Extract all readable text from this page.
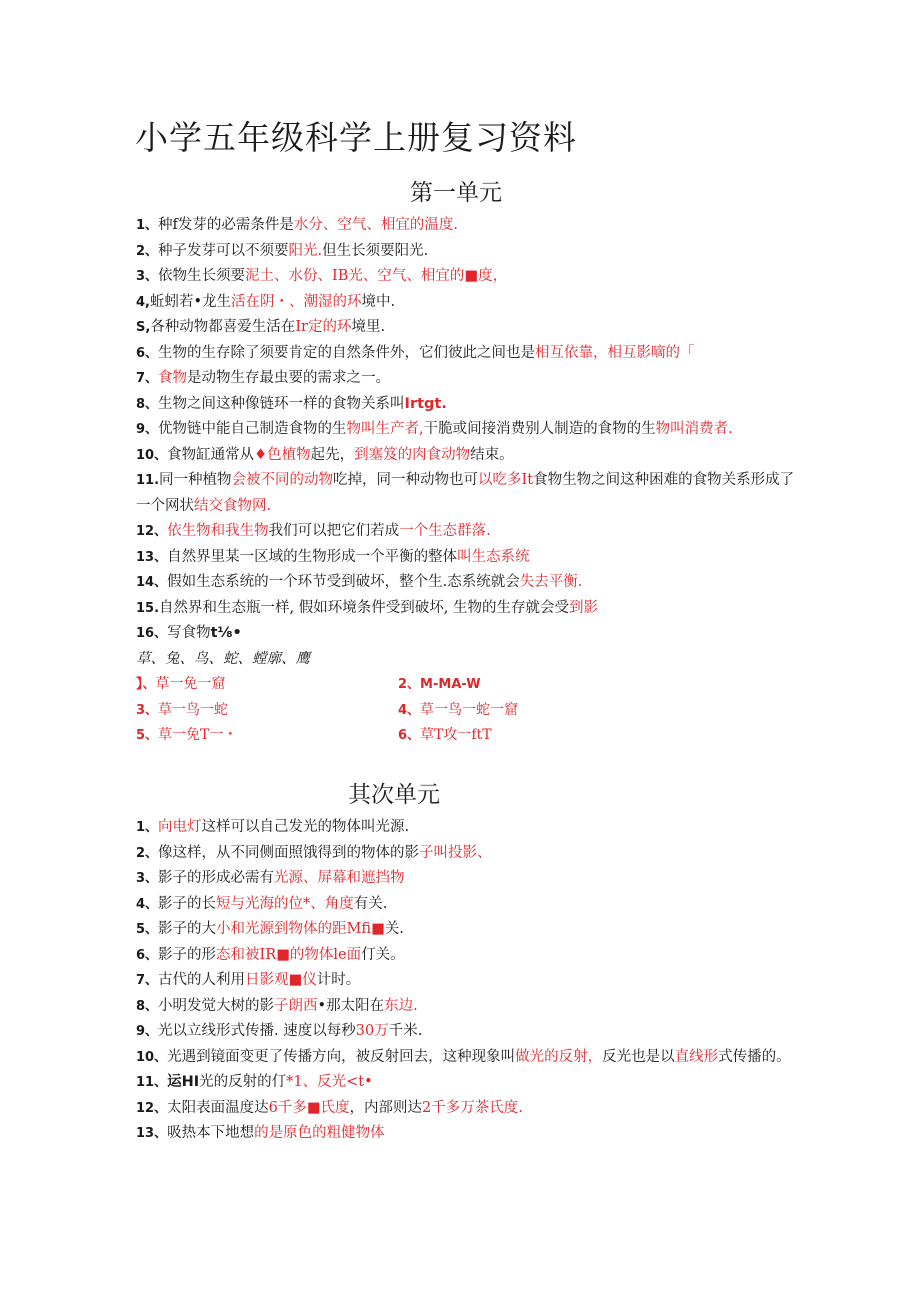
小学五年级科学上册复习资料
第一单元
1、种f发芽的必需条件是水分、空气、相宜的温度.
2、种子发芽可以不须要阳光.但生长须要阳光.
3、依物生长须要泥土、水份、IB光、空气、相宜的■度，
4,蚯蚓若•龙生活在阴・、潮湿的环境中.
S,各种动物都喜爱生活在Ir定的环境里.
6、生物的生存除了须要肯定的自然条件外，它们彼此之间也是相互依靠，相互影嘀的「
7、食物是动物生存最虫要的需求之一。
8、生物之间这种像链环一样的食物关系叫Irtgt.
9、优物链中能自己制造食物的生物叫生产者,干脆或间接消费别人制造的食物的生物叫消费者.
10、食物缸通常从♦色植物起先，到塞笈的肉食动物结束。
11.同一种植物会被不同的动物吃掉，同一种动物也可以吃多It食物生物之间这种困难的食物关系形成了一个网状结交食物网.
12、依生物和我生物我们可以把它们若成一个生态群落.
13、自然界里某一区域的生物形成一个平衡的整体叫生态系统
14、假如生态系统的一个环节受到破坏，整个生.态系统就会失去平衡.
15.自然界和生态瓶一样, 假如环境条件受到破坏, 生物的生存就会受到影
16、写食物t⅛•
草、兔、鸟、蛇、螳廓、鹰
】、草一免一窟	2、M-MA-W
3、草一鸟一蛇	4、草一鸟一蛇一窟
5、草一免T一・	6、草T攻一ftT
其次单元
1、向电灯这样可以自己发光的物体叫光源.
2、像这样，从不同侧面照饿得到的物体的影子叫投影、
3、影子的形成必需有光源、屏幕和遮挡物
4、影子的长短与光海的位*、角度有关.
5、影子的大小和光源到物体的距Mfi■关.
6、影子的形态和被IR■的物体le面仃关。
7、古代的人利用日影观■仪计时。
8、小明发觉大树的影子朗西•那太阳在东边.
9、光以立线形式传播. 速度以每秒30万千米.
10、光遇到镜面变更了传播方向，被反射回去，这种现象叫做光的反射，反光也是以直线形式传播的。
11、运HI光的反射的仃*1、反光<t•
12、太阳表面温度达6千多■氏度，内部则达2千多万茶氏度.
13、吸热本下地想的是原色的粗健物体
